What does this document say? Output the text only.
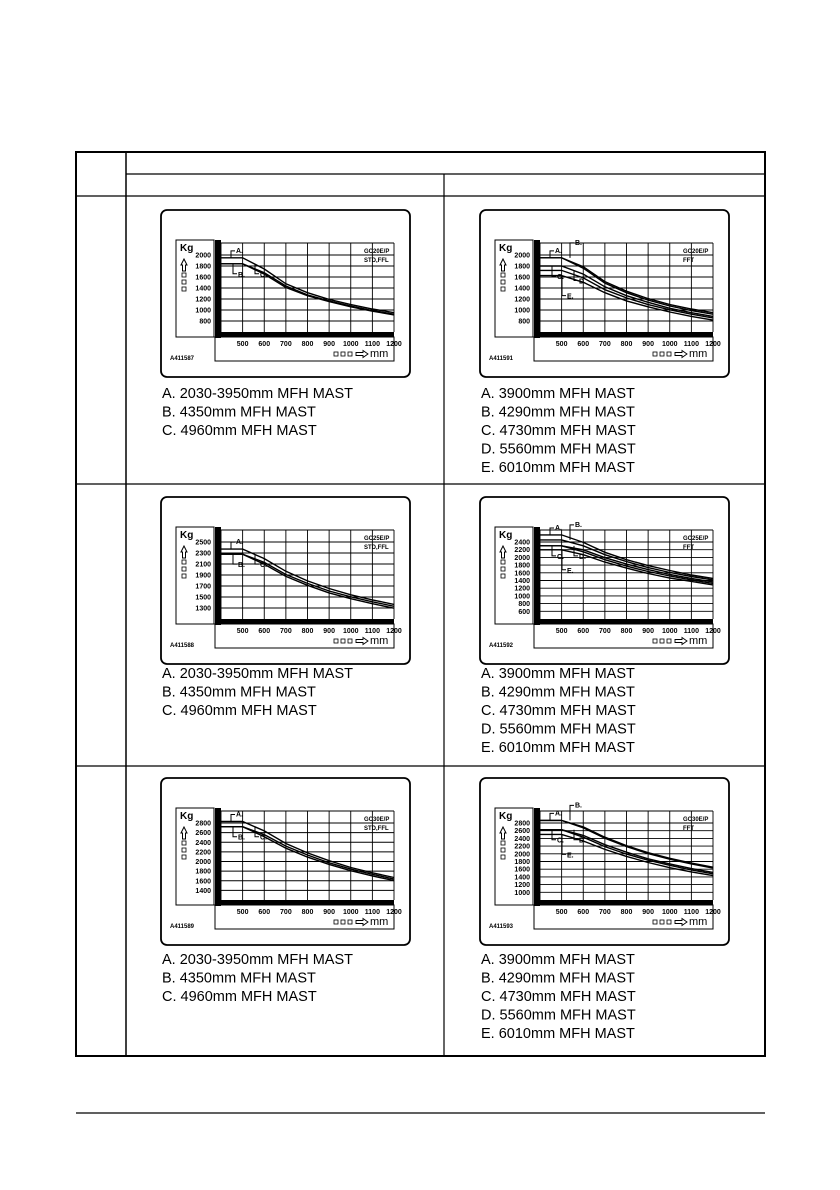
2000
1800
1600
1400
1200
1000
800
Kg
500 600 700 800 900 1000 1100 1200
mm
GC20E/P
STD,FFL
A411587
A.
B. C.
A. 2030-3950mm MFH MAST
B. 4350mm MFH MAST
C. 4960mm MFH MAST
2000
1800
1600
1400
1200
1000
800
Kg
500 600 700 800 900 1000 1100 1200
mm
GC20E/P
FFT
A411591
A.
B.
C.
D.
E.
A. 3900mm MFH MAST
B. 4290mm MFH MAST
C. 4730mm MFH MAST
D. 5560mm MFH MAST
E. 6010mm MFH MAST
2500
2300
2100
1900
1700
1500
1300
Kg
500 600 700 800 900 1000 1100 1200
mm
GC25E/P
STD,FFL
A411588
A.
B. C.
A. 2030-3950mm MFH MAST
B. 4350mm MFH MAST
C. 4960mm MFH MAST
2400
2200
2000
1800
1600
1400
1200
1000
800
600
Kg
500 600 700 800 900 1000 1100 1200
mm
GC25E/P
FFT
A411592
A. B.
C. D.
E.
A. 3900mm MFH MAST
B. 4290mm MFH MAST
C. 4730mm MFH MAST
D. 5560mm MFH MAST
E. 6010mm MFH MAST
2800
2600
2400
2200
2000
1800
1600
1400
Kg
500 600 700 800 900 1000 1100 1200
mm
GC30E/P
STD,FFL
A411589
A.
B. C.
A. 2030-3950mm MFH MAST
B. 4350mm MFH MAST
C. 4960mm MFH MAST
2800
2600
2400
2200
2000
1800
1600
1400
1200
1000
Kg
500 600 700 800 900 1000 1100 1200
mm
GC30E/P
FFT
A411593
A.
B.
C. D.
E.
A. 3900mm MFH MAST
B. 4290mm MFH MAST
C. 4730mm MFH MAST
D. 5560mm MFH MAST
E. 6010mm MFH MAST
